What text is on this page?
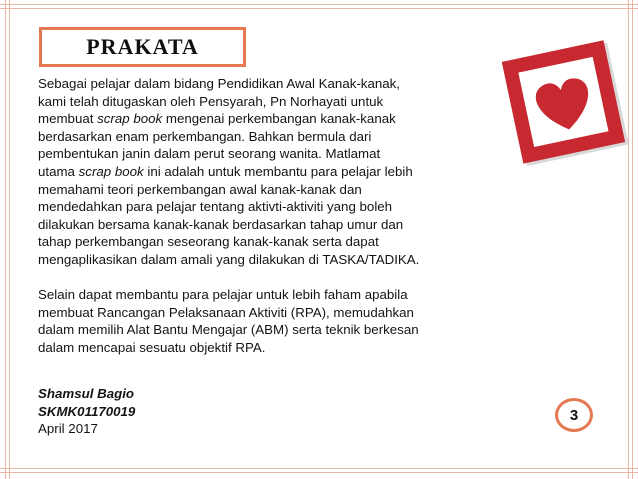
PRAKATA
Sebagai pelajar dalam bidang Pendidikan Awal Kanak-kanak,
kami telah ditugaskan oleh Pensyarah, Pn Norhayati untuk
membuat scrap book mengenai perkembangan kanak-kanak
berdasarkan enam perkembangan. Bahkan bermula dari
pembentukan janin dalam perut seorang wanita. Matlamat
utama scrap book ini adalah untuk membantu para pelajar lebih
memahami teori perkembangan awal kanak-kanak dan
mendedahkan para pelajar tentang aktivti-aktiviti yang boleh
dilakukan bersama kanak-kanak berdasarkan tahap umur dan
tahap perkembangan seseorang kanak-kanak serta dapat
mengaplikasikan dalam amali yang dilakukan di TASKA/TADIKA.
Selain dapat membantu para pelajar untuk lebih faham apabila
membuat Rancangan Pelaksanaan Aktiviti (RPA), memudahkan
dalam memilih Alat Bantu Mengajar (ABM) serta teknik berkesan
dalam mencapai sesuatu objektif RPA.
Shamsul Bagio
SKMK01170019
April 2017
3
